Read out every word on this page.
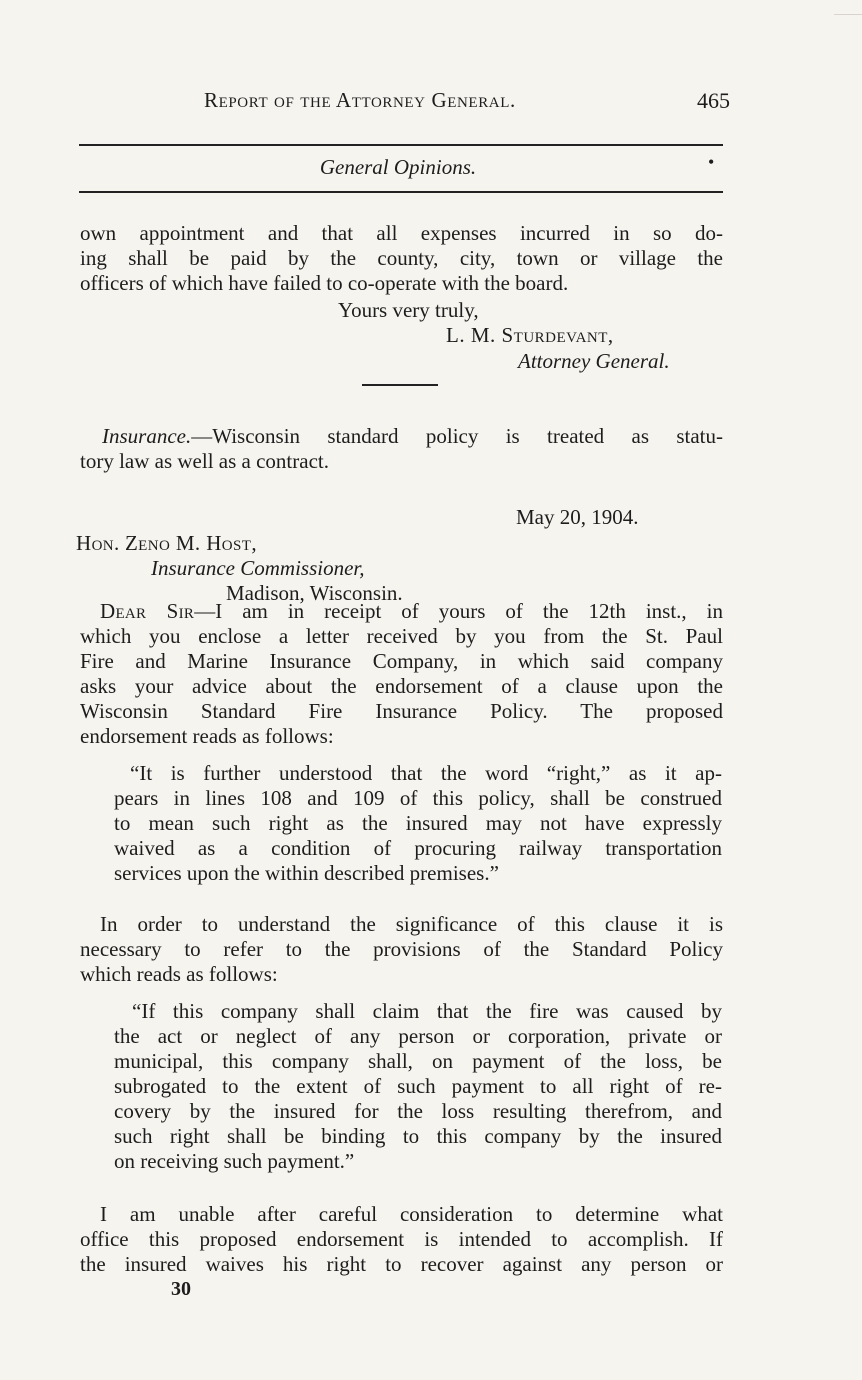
Report of the Attorney General.	465
General Opinions.	•
own appointment and that all expenses incurred in so do-
ing shall be paid by the county, city, town or village the
officers of which have failed to co-operate with the board.
Yours very truly,
L. M. Sturdevant,
Attorney General.
Insurance.—Wisconsin standard policy is treated as statu-
tory law as well as a contract.
May 20, 1904.
Hon. Zeno M. Host,
Insurance Commissioner,
Madison, Wisconsin.
Dear Sir—I am in receipt of yours of the 12th inst., in
which you enclose a letter received by you from the St. Paul
Fire and Marine Insurance Company, in which said company
asks your advice about the endorsement of a clause upon the
Wisconsin Standard Fire Insurance Policy. The proposed
endorsement reads as follows:
“It is further understood that the word “right,” as it ap-
pears in lines 108 and 109 of this policy, shall be construed
to mean such right as the insured may not have expressly
waived as a condition of procuring railway transportation
services upon the within described premises.”
In order to understand the significance of this clause it is
necessary to refer to the provisions of the Standard Policy
which reads as follows:
“If this company shall claim that the fire was caused by
the act or neglect of any person or corporation, private or
municipal, this company shall, on payment of the loss, be
subrogated to the extent of such payment to all right of re-
covery by the insured for the loss resulting therefrom, and
such right shall be binding to this company by the insured
on receiving such payment.”
I am unable after careful consideration to determine what
office this proposed endorsement is intended to accomplish. If
the insured waives his right to recover against any person or
30
